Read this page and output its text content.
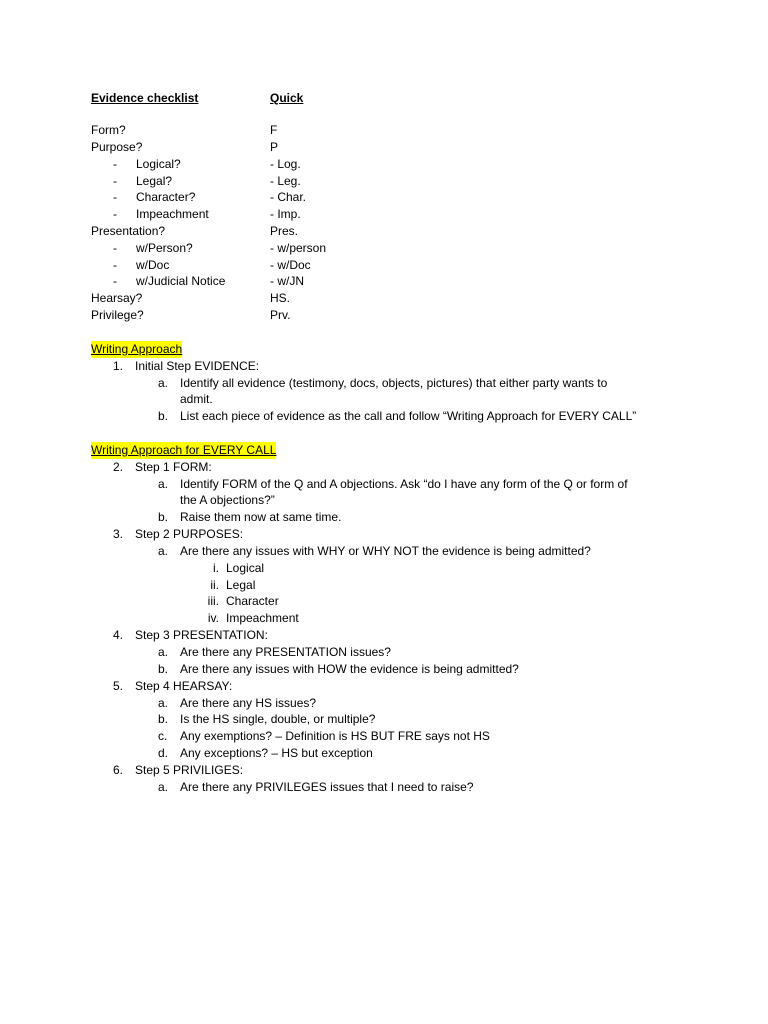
Evidence checklist	Quick
Form?	F
Purpose?	P
- Logical?	- Log.
- Legal?	- Leg.
- Character?	- Char.
- Impeachment	- Imp.
Presentation?	Pres.
- w/Person?	- w/person
- w/Doc	- w/Doc
- w/Judicial Notice	- w/JN
Hearsay?	HS.
Privilege?	Prv.
Writing Approach
1. Initial Step EVIDENCE:
a. Identify all evidence (testimony, docs, objects, pictures) that either party wants to
admit.
b. List each piece of evidence as the call and follow “Writing Approach for EVERY CALL”
Writing Approach for EVERY CALL
2. Step 1 FORM:
a. Identify FORM of the Q and A objections. Ask “do I have any form of the Q or form of
the A objections?”
b. Raise them now at same time.
3. Step 2 PURPOSES:
a. Are there any issues with WHY or WHY NOT the evidence is being admitted?
i. Logical
ii. Legal
iii. Character
iv. Impeachment
4. Step 3 PRESENTATION:
a. Are there any PRESENTATION issues?
b. Are there any issues with HOW the evidence is being admitted?
5. Step 4 HEARSAY:
a. Are there any HS issues?
b. Is the HS single, double, or multiple?
c. Any exemptions? – Definition is HS BUT FRE says not HS
d. Any exceptions? – HS but exception
6. Step 5 PRIVILIGES:
a. Are there any PRIVILEGES issues that I need to raise?
